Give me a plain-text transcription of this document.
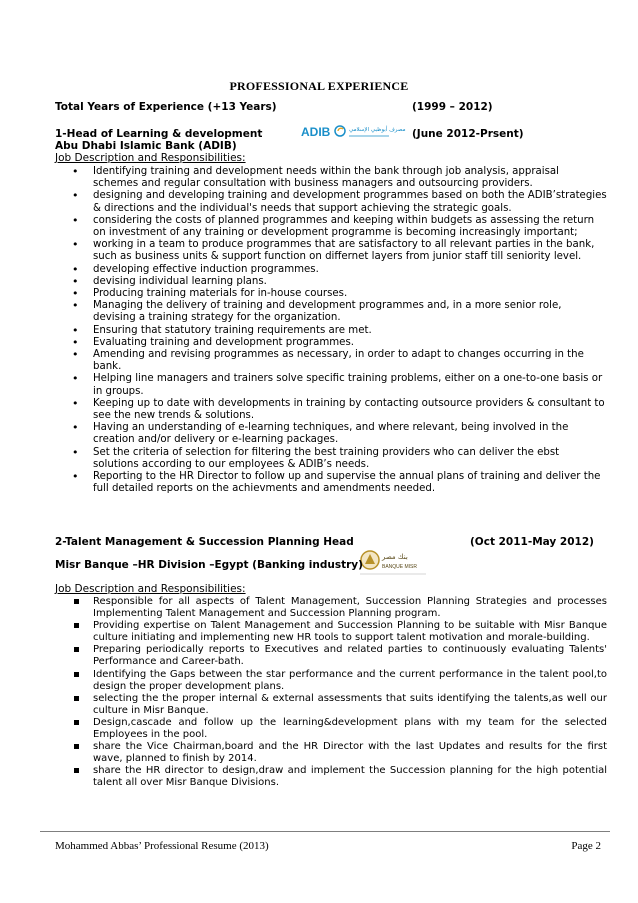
PROFESSIONAL EXPERIENCE
Total Years of Experience (+13 Years)	(1999 – 2012)
1-Head of Learning & development	ADIB	مصرف أبوظبي الإسلامي (June 2012-Prsent)
Abu Dhabi Islamic Bank (ADIB)
Job Description and Responsibilities:
• Identifying training and development needs within the bank through job analysis, appraisal schemes and regular consultation with business managers and outsourcing providers.
• designing and developing training and development programmes based on both the ADIB’strategies & directions and the individual's needs that support achieving the strategic goals.
• considering the costs of planned programmes and keeping within budgets as assessing the return on investment of any training or development programme is becoming increasingly important;
• working in a team to produce programmes that are satisfactory to all relevant parties in the bank, such as business units & support function on differnet layers from junior staff till seniority level.
• developing effective induction programmes.
• devising individual learning plans.
• Producing training materials for in-house courses.
• Managing the delivery of training and development programmes and, in a more senior role, devising a training strategy for the organization.
• Ensuring that statutory training requirements are met.
• Evaluating training and development programmes.
• Amending and revising programmes as necessary, in order to adapt to changes occurring in the bank.
• Helping line managers and trainers solve specific training problems, either on a one-to-one basis or in groups.
• Keeping up to date with developments in training by contacting outsource providers & consultant to see the new trends & solutions.
• Having an understanding of e-learning techniques, and where relevant, being involved in the creation and/or delivery or e-learning packages.
• Set the criteria of selection for filtering the best training providers who can deliver the ebst solutions according to our employees & ADIB’s needs.
• Reporting to the HR Director to follow up and supervise the annual plans of training and deliver the full detailed reports on the achievments and amendments needed.
2-Talent Management & Succession Planning Head	(Oct 2011-May 2012)
بنك مصر
BANQUE MISR
Misr Banque –HR Division –Egypt (Banking industry)
Job Description and Responsibilities:
Responsible for all aspects of Talent Management, Succession Planning Strategies and processes Implementing Talent Management and Succession Planning program.
Providing expertise on Talent Management and Succession Planning to be suitable with Misr Banque culture initiating and implementing new HR tools to support talent motivation and morale-building.
Preparing periodically reports to Executives and related parties to continuously evaluating Talents' Performance and Career-bath.
Identifying the Gaps between the star performance and the current performance in the talent pool,to design the proper development plans.
selecting the the proper internal & external assessments that suits identifying the talents,as well our culture in Misr Banque.
Design,cascade and follow up the learning&development plans with my team for the selected Employees in the pool.
share the Vice Chairman,board and the HR Director with the last Updates and results for the first wave, planned to finish by 2014.
share the HR director to design,draw and implement the Succession planning for the high potential talent all over Misr Banque Divisions.
Mohammed Abbas’ Professional Resume (2013)	Page 2
